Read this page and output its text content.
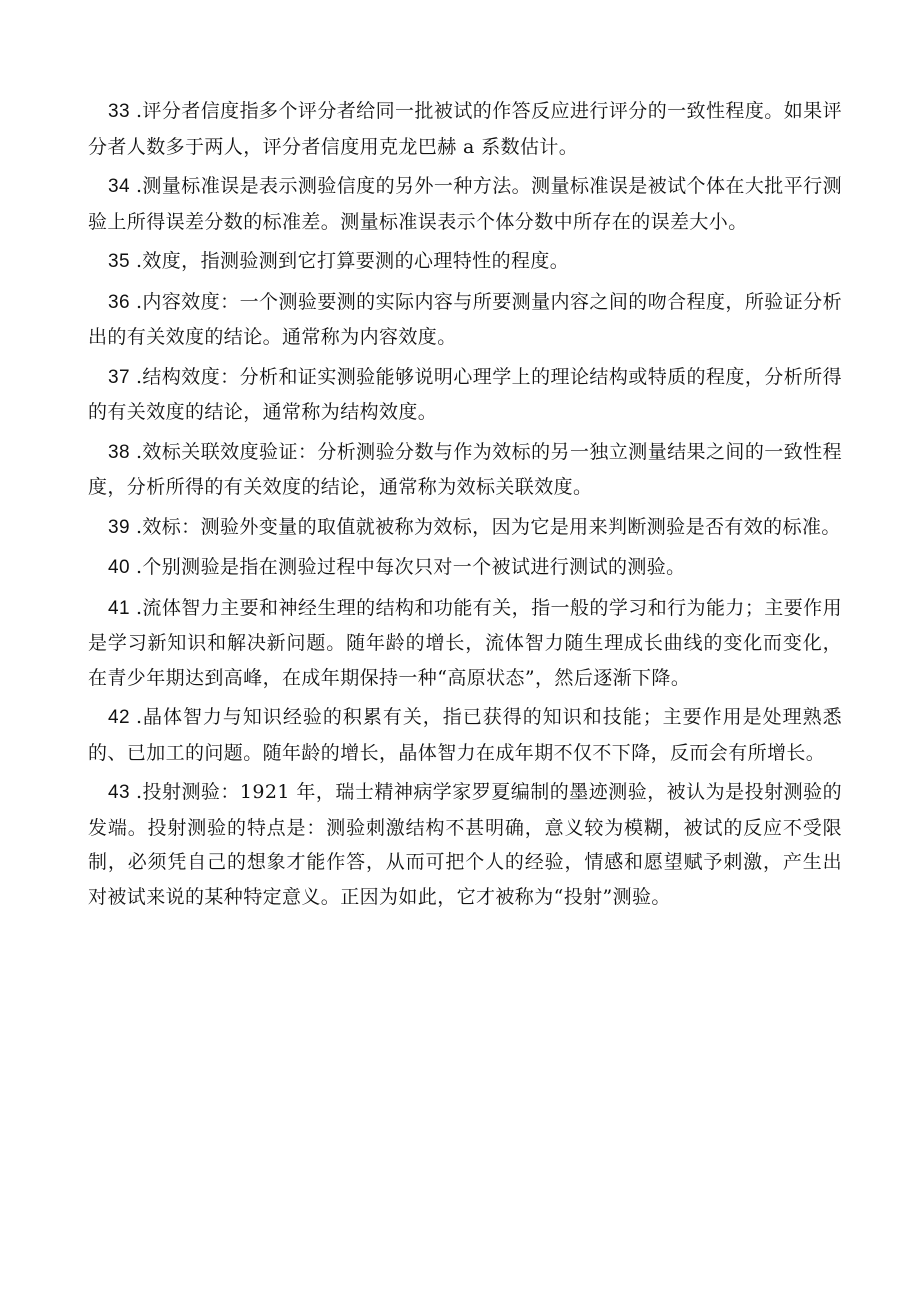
33 .评分者信度指多个评分者给同一批被试的作答反应进行评分的一致性程度。如果评分者人数多于两人，评分者信度用克龙巴赫 a 系数估计。

34 .测量标准误是表示测验信度的另外一种方法。测量标准误是被试个体在大批平行测验上所得误差分数的标准差。测量标准误表示个体分数中所存在的误差大小。

35 .效度，指测验测到它打算要测的心理特性的程度。

36 .内容效度：一个测验要测的实际内容与所要测量内容之间的吻合程度，所验证分析出的有关效度的结论。通常称为内容效度。

37 .结构效度：分析和证实测验能够说明心理学上的理论结构或特质的程度，分析所得的有关效度的结论，通常称为结构效度。

38 .效标关联效度验证：分析测验分数与作为效标的另一独立测量结果之间的一致性程度，分析所得的有关效度的结论，通常称为效标关联效度。

39 .效标：测验外变量的取值就被称为效标，因为它是用来判断测验是否有效的标准。

40 .个别测验是指在测验过程中每次只对一个被试进行测试的测验。

41 .流体智力主要和神经生理的结构和功能有关，指一般的学习和行为能力；主要作用是学习新知识和解决新问题。随年龄的增长，流体智力随生理成长曲线的变化而变化，在青少年期达到高峰，在成年期保持一种“高原状态”，然后逐渐下降。

42 .晶体智力与知识经验的积累有关，指已获得的知识和技能；主要作用是处理熟悉的、已加工的问题。随年龄的增长，晶体智力在成年期不仅不下降，反而会有所增长。

43 .投射测验：1921 年，瑞士精神病学家罗夏编制的墨迹测验，被认为是投射测验的发端。投射测验的特点是：测验刺激结构不甚明确，意义较为模糊，被试的反应不受限制，必须凭自己的想象才能作答，从而可把个人的经验，情感和愿望赋予刺激，产生出对被试来说的某种特定意义。正因为如此，它才被称为“投射”测验。
